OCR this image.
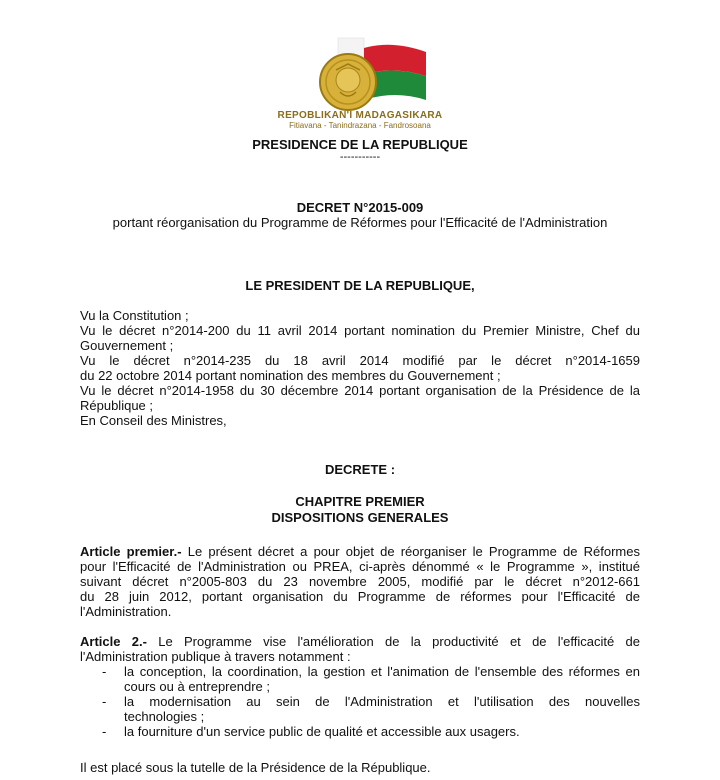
REPOBLIKAN'I MADAGASIKARA
Fitiavana - Tanindrazana - Fandrosoana
PRESIDENCE DE LA REPUBLIQUE
-----------
DECRET N°2015-009
portant réorganisation du Programme de Réformes pour l'Efficacité de l'Administration
LE PRESIDENT DE LA REPUBLIQUE,
Vu la Constitution ;
Vu le décret n°2014-200 du 11 avril 2014 portant nomination du Premier Ministre, Chef du
Gouvernement ;
Vu le décret n°2014-235 du 18 avril 2014 modifié par le décret n°2014-1659
du 22 octobre 2014 portant nomination des membres du Gouvernement ;
Vu le décret n°2014-1958 du 30 décembre 2014 portant organisation de la Présidence de la
République ;
En Conseil des Ministres,
DECRETE :
CHAPITRE PREMIER
DISPOSITIONS GENERALES
Article premier.- Le présent décret a pour objet de réorganiser le Programme de Réformes
pour l'Efficacité de l'Administration ou PREA, ci-après dénommé « le Programme », institué
suivant décret n°2005-803 du 23 novembre 2005, modifié par le décret n°2012-661
du 28 juin 2012, portant organisation du Programme de réformes pour l'Efficacité de
l'Administration.
Article 2.- Le Programme vise l'amélioration de la productivité et de l'efficacité de
l'Administration publique à travers notamment :
- la conception, la coordination, la gestion et l'animation de l'ensemble des réformes en
cours ou à entreprendre ;
- la modernisation au sein de l'Administration et l'utilisation des nouvelles
technologies ;
- la fourniture d'un service public de qualité et accessible aux usagers.
Il est placé sous la tutelle de la Présidence de la République.
